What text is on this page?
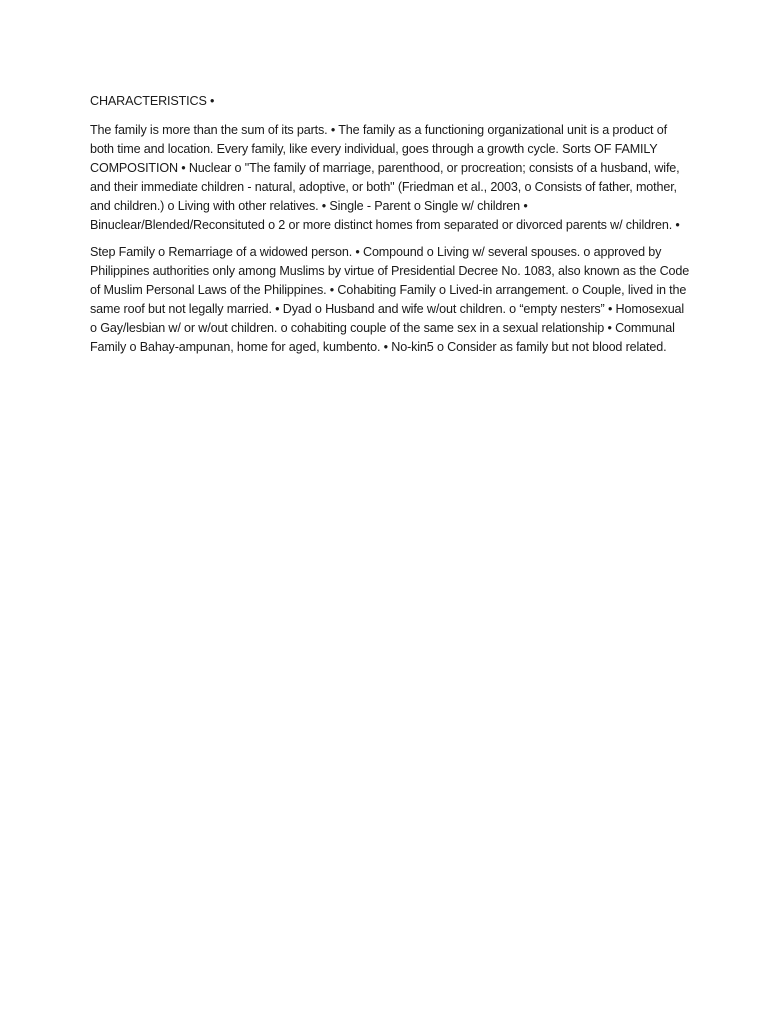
CHARACTERISTICS •

The family is more than the sum of its parts. • The family as a functioning organizational unit is a product of both time and location. Every family, like every individual, goes through a growth cycle. Sorts OF FAMILY COMPOSITION • Nuclear o "The family of marriage, parenthood, or procreation; consists of a husband, wife, and their immediate children - natural, adoptive, or both" (Friedman et al., 2003, o Consists of father, mother, and children.) o Living with other relatives. • Single - Parent o Single w/ children • Binuclear/Blended/Reconsituted o 2 or more distinct homes from separated or divorced parents w/ children. •

Step Family o Remarriage of a widowed person. • Compound o Living w/ several spouses. o approved by Philippines authorities only among Muslims by virtue of Presidential Decree No. 1083, also known as the Code of Muslim Personal Laws of the Philippines. • Cohabiting Family o Lived-in arrangement. o Couple, lived in the same roof but not legally married. • Dyad o Husband and wife w/out children. o “empty nesters” • Homosexual o Gay/lesbian w/ or w/out children. o cohabiting couple of the same sex in a sexual relationship • Communal Family o Bahay-ampunan, home for aged, kumbento. • No-kin5 o Consider as family but not blood related.
